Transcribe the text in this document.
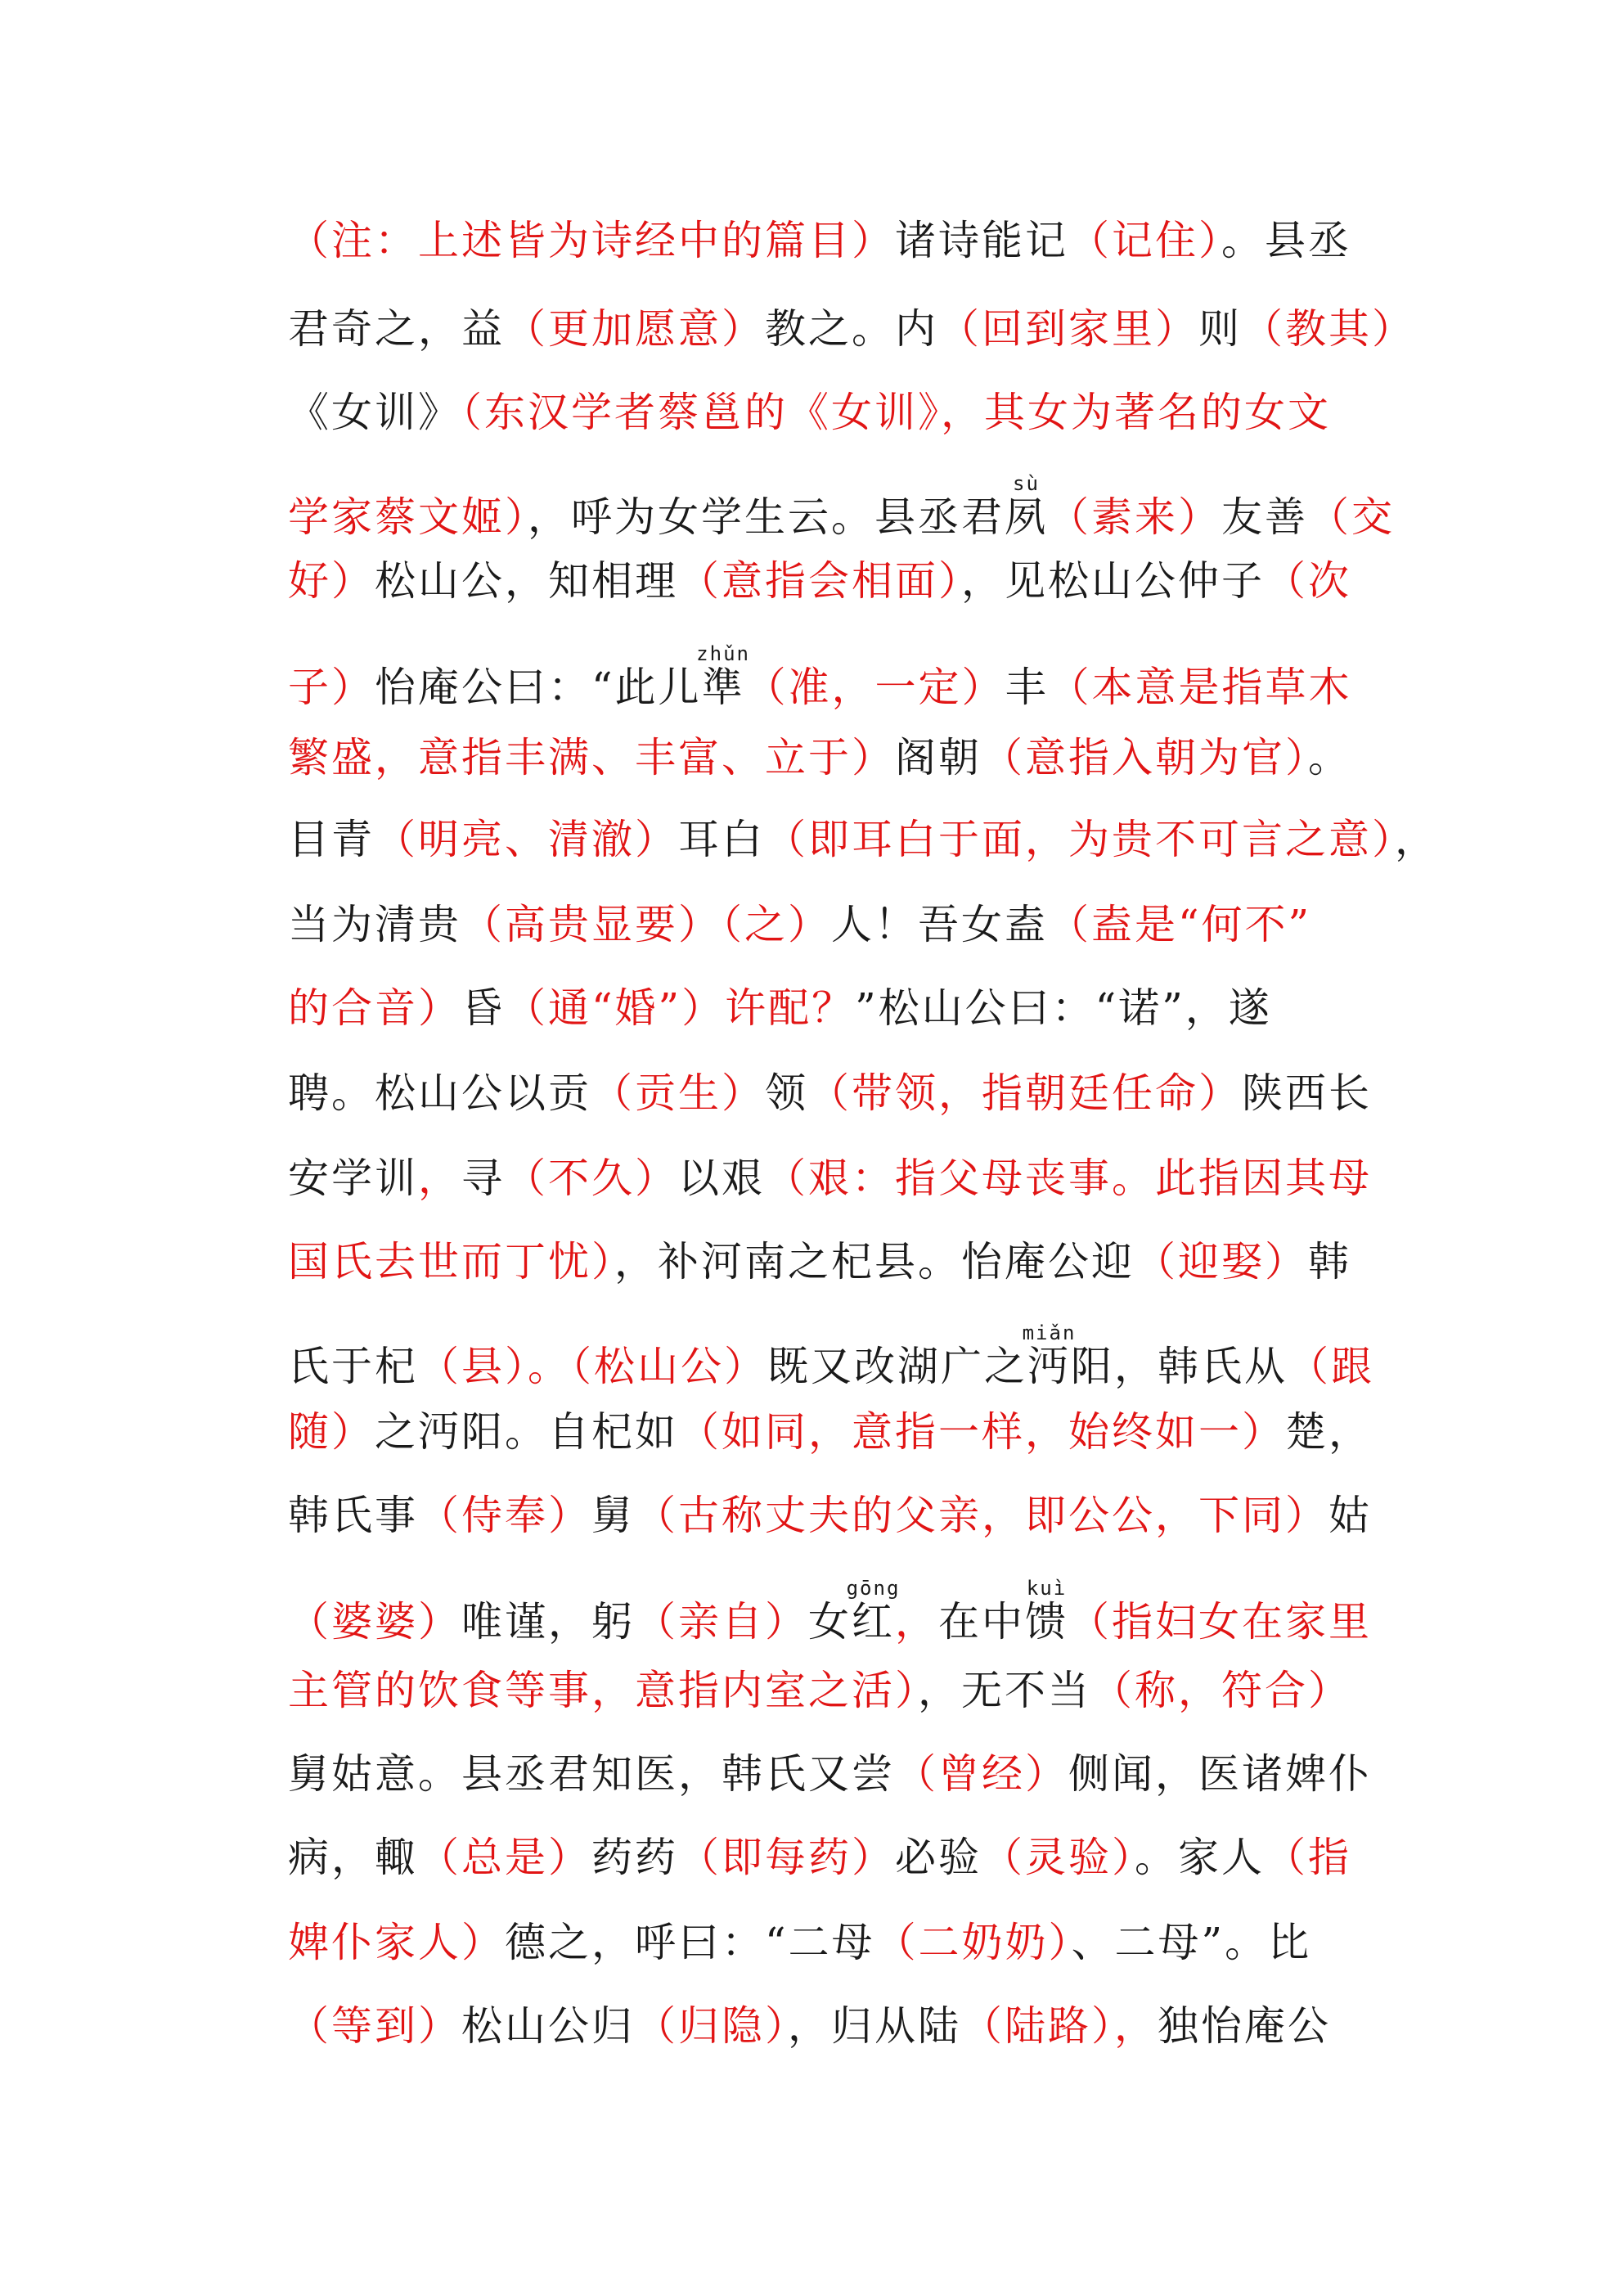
（注：上述皆为诗经中的篇目）诸诗能记（记住）。县丞
君奇之，益（更加愿意）教之。内（回到家里）则（教其）
《女训》（东汉学者蔡邕的《女训》，其女为著名的女文
学家蔡文姬），呼为女学生云。县丞君夙sù（素来）友善（交
好）松山公，知相理（意指会相面），见松山公仲子（次
子）怡庵公曰：“此儿準zhǔn（准，一定）丰（本意是指草木
繁盛，意指丰满、丰富、立于）阁朝（意指入朝为官）。
目青（明亮、清澈）耳白（即耳白于面，为贵不可言之意），
当为清贵（高贵显要）（之）人！吾女盍（盍是“何不”
的合音）昏（通“婚”）许配？”松山公曰：“诺”，遂
聘。松山公以贡（贡生）领（带领，指朝廷任命）陕西长
安学训，寻（不久）以艰（艰：指父母丧事。此指因其母
国氏去世而丁忧），补河南之杞县。怡庵公迎（迎娶）韩
氏于杞（县）。（松山公）既又改湖广之沔miǎn阳，韩氏从（跟
随）之沔阳。自杞如（如同，意指一样，始终如一）楚，
韩氏事（侍奉）舅（古称丈夫的父亲，即公公，下同）姑
（婆婆）唯谨，躬（亲自）女红gōng，在中馈kuì（指妇女在家里
主管的饮食等事，意指内室之活），无不当（称，符合）
舅姑意。县丞君知医，韩氏又尝（曾经）侧闻，医诸婢仆
病，輙（总是）药药（即每药）必验（灵验）。家人（指
婢仆家人）德之，呼曰：“二母（二奶奶）、二母”。比
（等到）松山公归（归隐），归从陆（陆路），独怡庵公
